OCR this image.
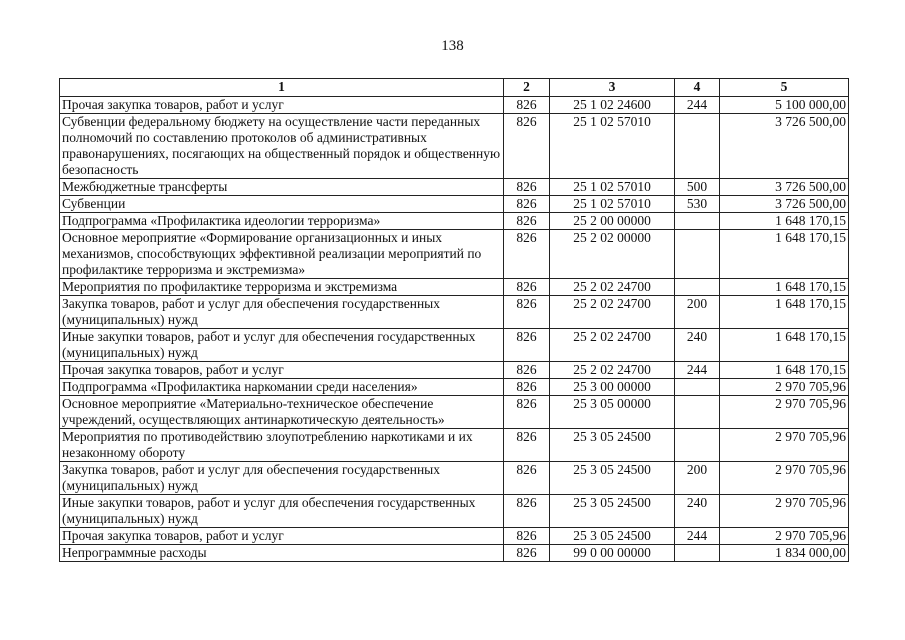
138
1	2	3	4	5
Прочая закупка товаров, работ и услуг	826	25 1 02 24600	244	5 100 000,00
Субвенции федеральному бюджету на осуществление части переданных полномочий по составлению протоколов об административных правонарушениях, посягающих на общественный порядок и общественную безопасность	826	25 1 02 57010		3 726 500,00
Межбюджетные трансферты	826	25 1 02 57010	500	3 726 500,00
Субвенции	826	25 1 02 57010	530	3 726 500,00
Подпрограмма «Профилактика идеологии терроризма»	826	25 2 00 00000		1 648 170,15
Основное мероприятие «Формирование организационных и иных механизмов, способствующих эффективной реализации мероприятий по профилактике терроризма и экстремизма»	826	25 2 02 00000		1 648 170,15
Мероприятия по профилактике терроризма и экстремизма	826	25 2 02 24700		1 648 170,15
Закупка товаров, работ и услуг для обеспечения государственных (муниципальных) нужд	826	25 2 02 24700	200	1 648 170,15
Иные закупки товаров, работ и услуг для обеспечения государственных (муниципальных) нужд	826	25 2 02 24700	240	1 648 170,15
Прочая закупка товаров, работ и услуг	826	25 2 02 24700	244	1 648 170,15
Подпрограмма «Профилактика наркомании среди населения»	826	25 3 00 00000		2 970 705,96
Основное мероприятие «Материально-техническое обеспечение учреждений, осуществляющих антинаркотическую деятельность»	826	25 3 05 00000		2 970 705,96
Мероприятия по противодействию злоупотреблению наркотиками и их незаконному обороту	826	25 3 05 24500		2 970 705,96
Закупка товаров, работ и услуг для обеспечения государственных (муниципальных) нужд	826	25 3 05 24500	200	2 970 705,96
Иные закупки товаров, работ и услуг для обеспечения государственных (муниципальных) нужд	826	25 3 05 24500	240	2 970 705,96
Прочая закупка товаров, работ и услуг	826	25 3 05 24500	244	2 970 705,96
Непрограммные расходы	826	99 0 00 00000		1 834 000,00
